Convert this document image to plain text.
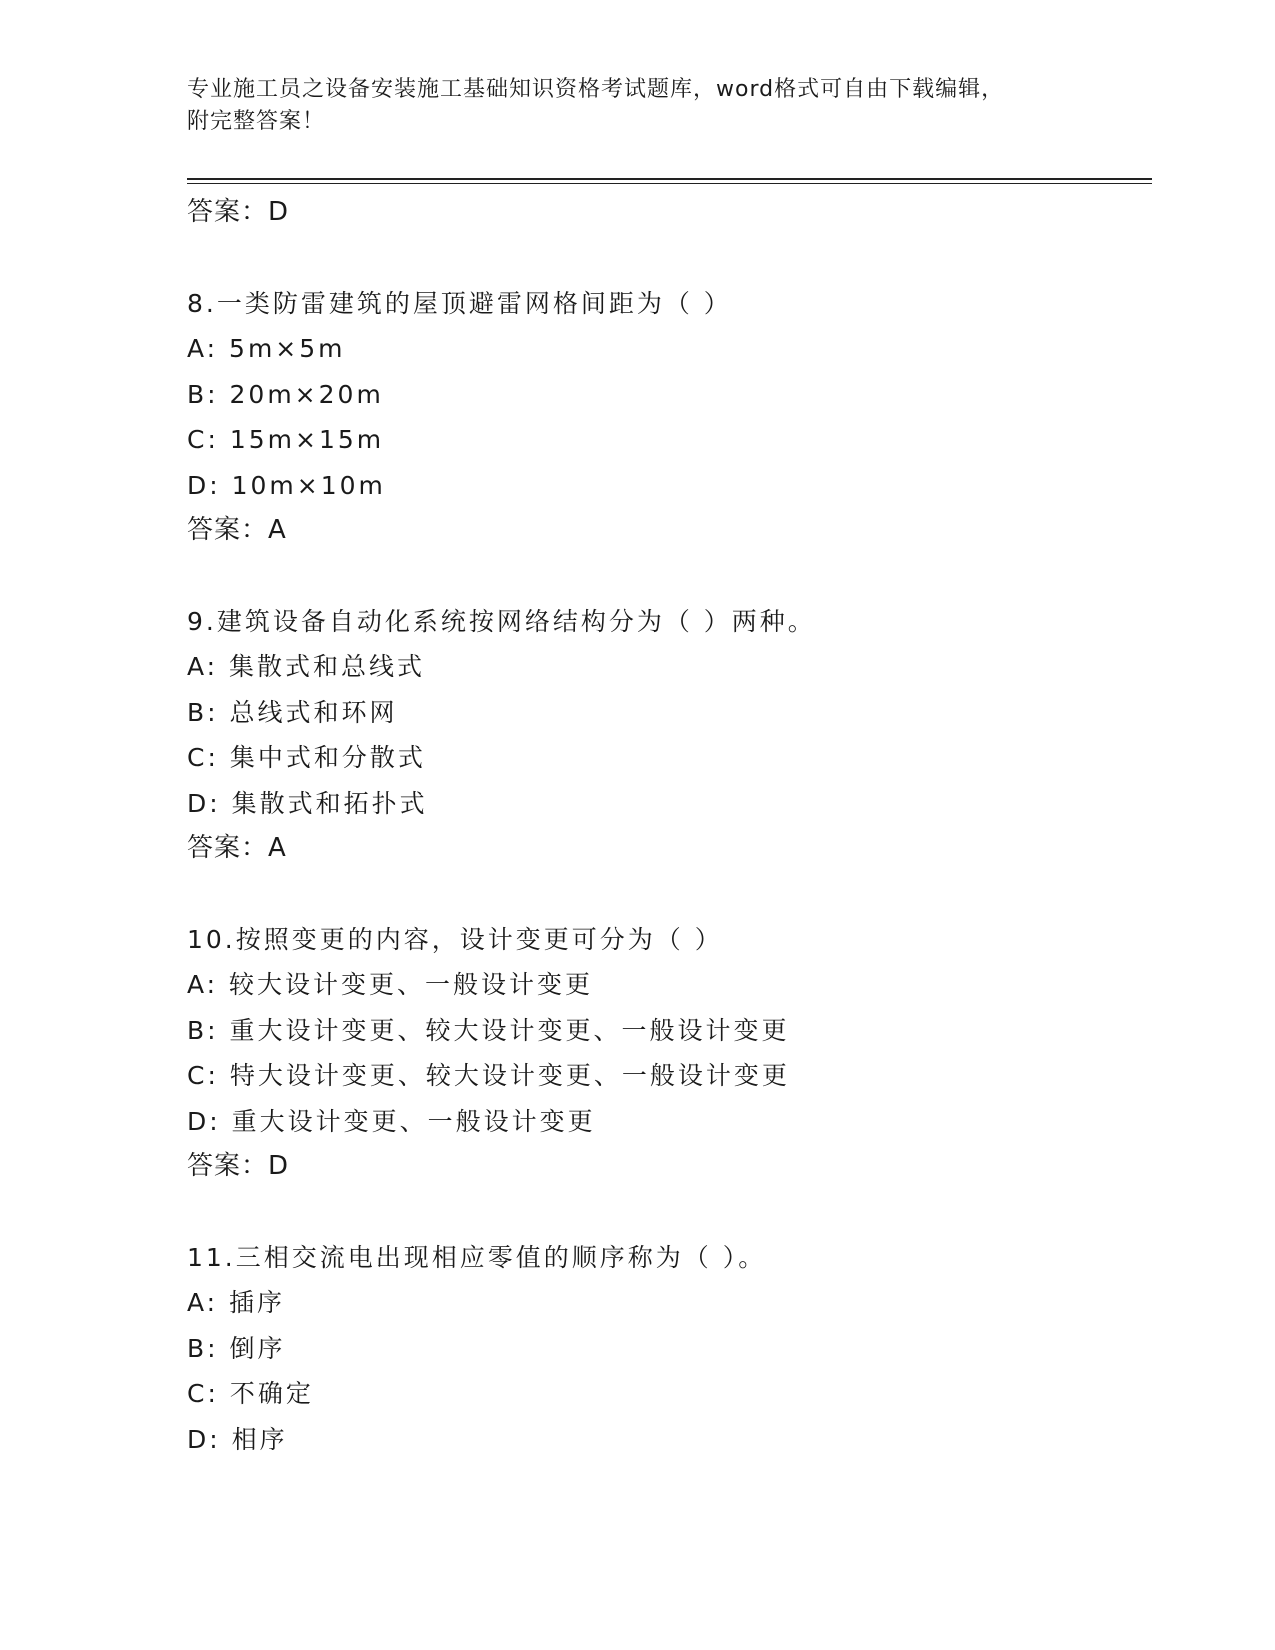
专业施工员之设备安装施工基础知识资格考试题库，word格式可自由下载编辑，
附完整答案！
答案：D
8.一类防雷建筑的屋顶避雷网格间距为（ ）
A: 5m×5m
B: 20m×20m
C: 15m×15m
D: 10m×10m
答案：A
9.建筑设备自动化系统按网络结构分为（ ）两种。
A: 集散式和总线式
B: 总线式和环网
C: 集中式和分散式
D: 集散式和拓扑式
答案：A
10.按照变更的内容，设计变更可分为（ ）
A: 较大设计变更、一般设计变更
B: 重大设计变更、较大设计变更、一般设计变更
C: 特大设计变更、较大设计变更、一般设计变更
D: 重大设计变更、一般设计变更
答案：D
11.三相交流电出现相应零值的顺序称为（ ）。
A: 插序
B: 倒序
C: 不确定
D: 相序
